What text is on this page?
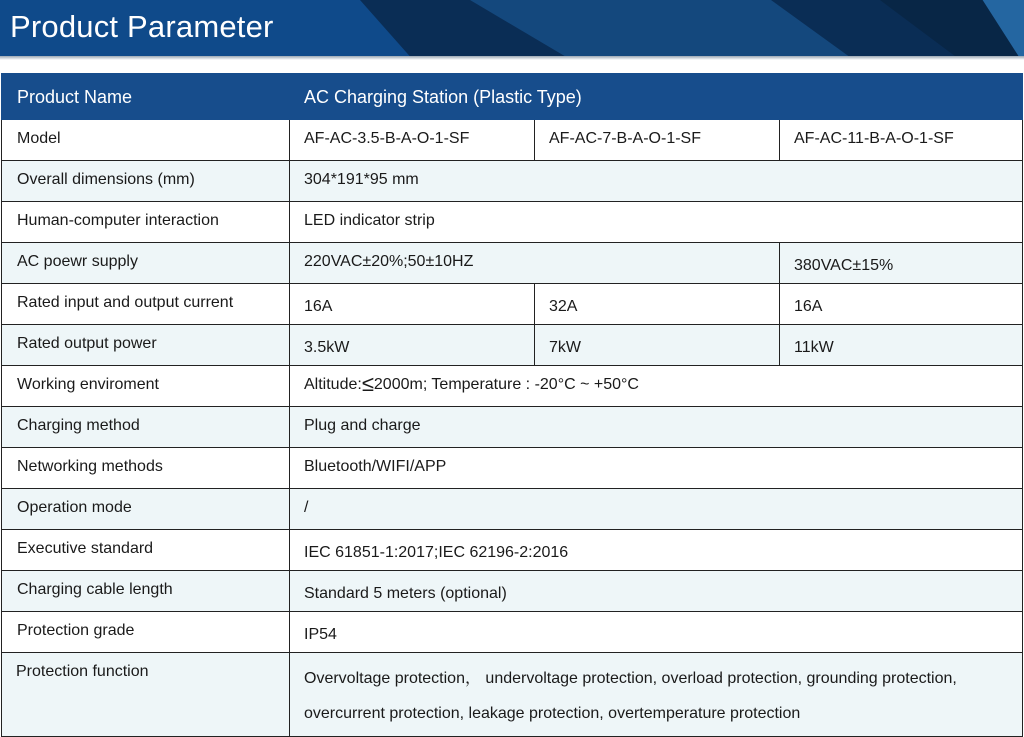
Product Parameter
Product Name	AC Charging Station (Plastic Type)		
Model	AF-AC-3.5-B-A-O-1-SF	AF-AC-7-B-A-O-1-SF	AF-AC-11-B-A-O-1-SF
Overall dimensions (mm)	304*191*95 mm		
Human-computer interaction	LED indicator strip		
AC poewr supply	220VAC±20%;50±10HZ		380VAC±15%
Rated input and output current	16A	32A	16A
Rated output power	3.5kW	7kW	11kW
Working enviroment	Altitude:≤2000m; Temperature : -20°C ~ +50°C		
Charging method	Plug and charge		
Networking methods	Bluetooth/WIFI/APP		
Operation mode	/		
Executive standard	IEC 61851-1:2017;IEC 62196-2:2016		
Charging cable length	Standard 5 meters (optional)		
Protection grade	IP54		
Protection function	Overvoltage protection， undervoltage protection, overload protection, grounding protection, overcurrent protection, leakage protection, overtemperature protection		
